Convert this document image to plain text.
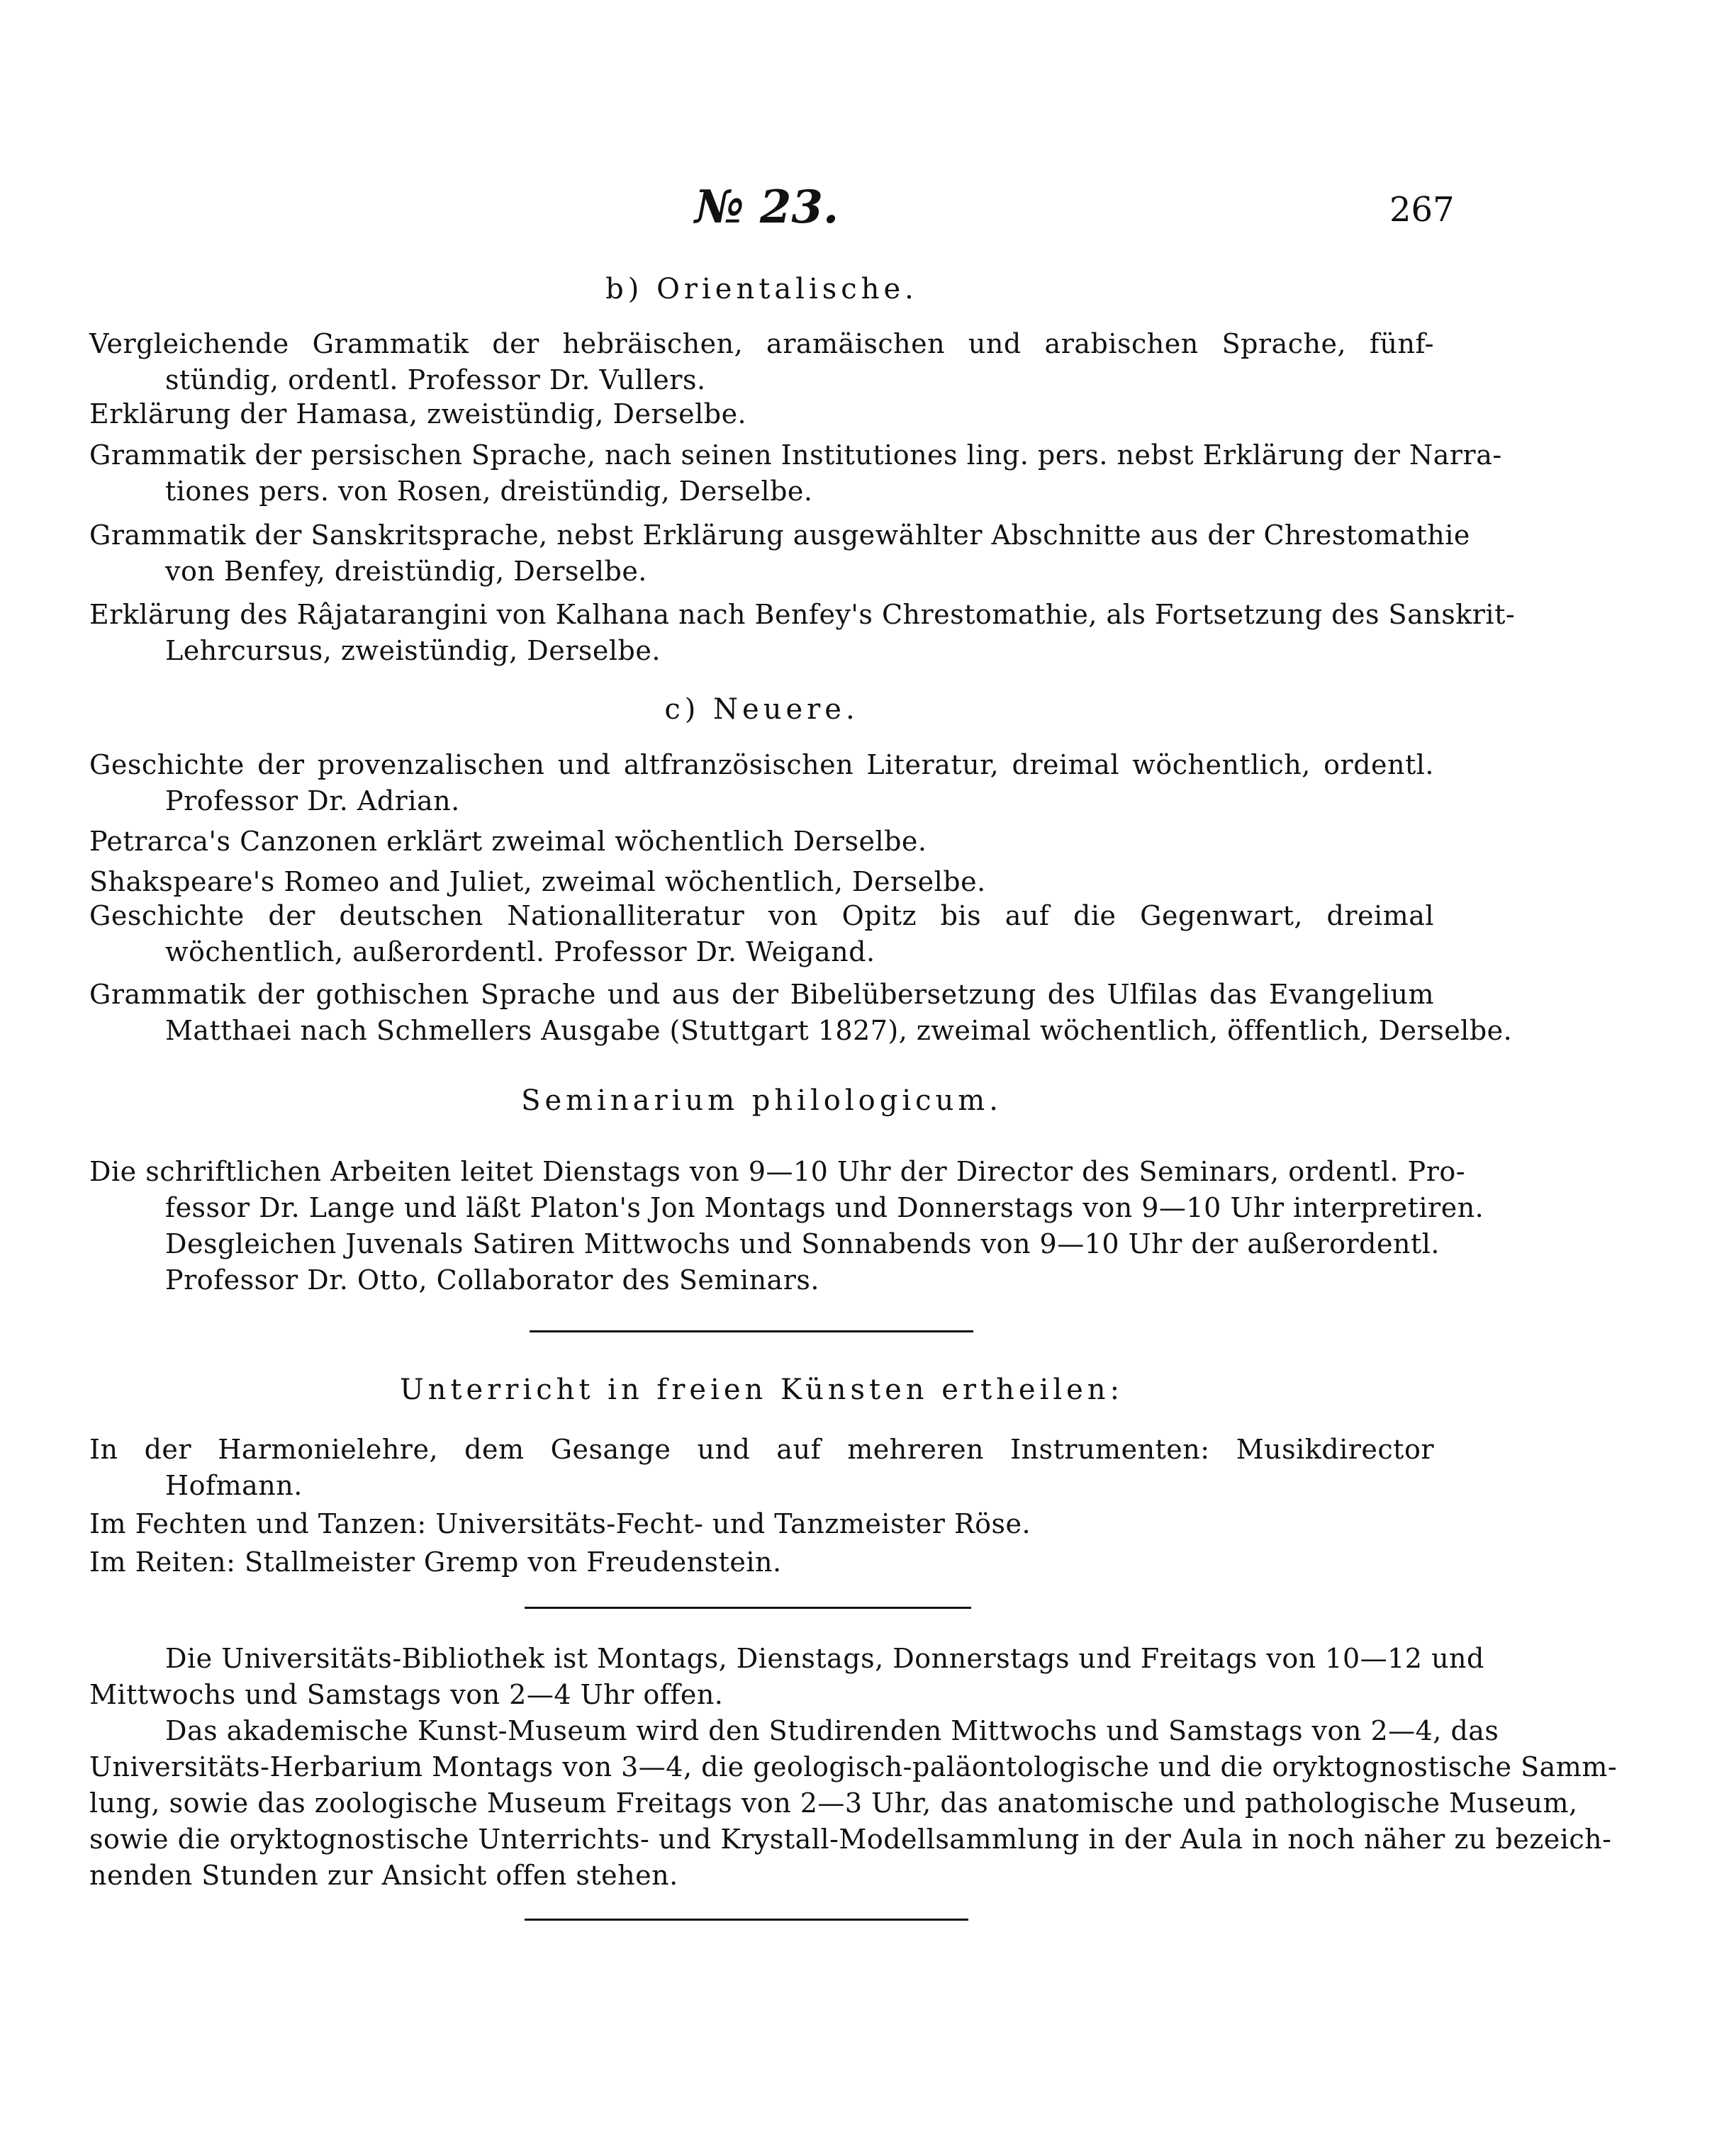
№ 23.	267
b) Orientalische.
Vergleichende Grammatik der hebräischen, aramäischen und arabischen Sprache, fünf-
stündig, ordentl. Professor Dr. Vullers.
Erklärung der Hamasa, zweistündig, Derselbe.
Grammatik der persischen Sprache, nach seinen Institutiones ling. pers. nebst Erklärung der Narra-
tiones pers. von Rosen, dreistündig, Derselbe.
Grammatik der Sanskritsprache, nebst Erklärung ausgewählter Abschnitte aus der Chrestomathie
von Benfey, dreistündig, Derselbe.
Erklärung des Râjatarangini von Kalhana nach Benfey's Chrestomathie, als Fortsetzung des Sanskrit-
Lehrcursus, zweistündig, Derselbe.
c) Neuere.
Geschichte der provenzalischen und altfranzösischen Literatur, dreimal wöchentlich, ordentl.
Professor Dr. Adrian.
Petrarca's Canzonen erklärt zweimal wöchentlich Derselbe.
Shakspeare's Romeo and Juliet, zweimal wöchentlich, Derselbe.
Geschichte der deutschen Nationalliteratur von Opitz bis auf die Gegenwart, dreimal
wöchentlich, außerordentl. Professor Dr. Weigand.
Grammatik der gothischen Sprache und aus der Bibelübersetzung des Ulfilas das Evangelium
Matthaei nach Schmellers Ausgabe (Stuttgart 1827), zweimal wöchentlich, öffentlich, Derselbe.
Seminarium philologicum.
Die schriftlichen Arbeiten leitet Dienstags von 9—10 Uhr der Director des Seminars, ordentl. Pro-
fessor Dr. Lange und läßt Platon's Jon Montags und Donnerstags von 9—10 Uhr interpretiren.
Desgleichen Juvenals Satiren Mittwochs und Sonnabends von 9—10 Uhr der außerordentl.
Professor Dr. Otto, Collaborator des Seminars.
Unterricht in freien Künsten ertheilen:
In der Harmonielehre, dem Gesange und auf mehreren Instrumenten: Musikdirector
Hofmann.
Im Fechten und Tanzen: Universitäts-Fecht- und Tanzmeister Röse.
Im Reiten: Stallmeister Gremp von Freudenstein.
Die Universitäts-Bibliothek ist Montags, Dienstags, Donnerstags und Freitags von 10—12 und
Mittwochs und Samstags von 2—4 Uhr offen.
Das akademische Kunst-Museum wird den Studirenden Mittwochs und Samstags von 2—4, das
Universitäts-Herbarium Montags von 3—4, die geologisch-paläontologische und die oryktognostische Samm-
lung, sowie das zoologische Museum Freitags von 2—3 Uhr, das anatomische und pathologische Museum,
sowie die oryktognostische Unterrichts- und Krystall-Modellsammlung in der Aula in noch näher zu bezeich-
nenden Stunden zur Ansicht offen stehen.
